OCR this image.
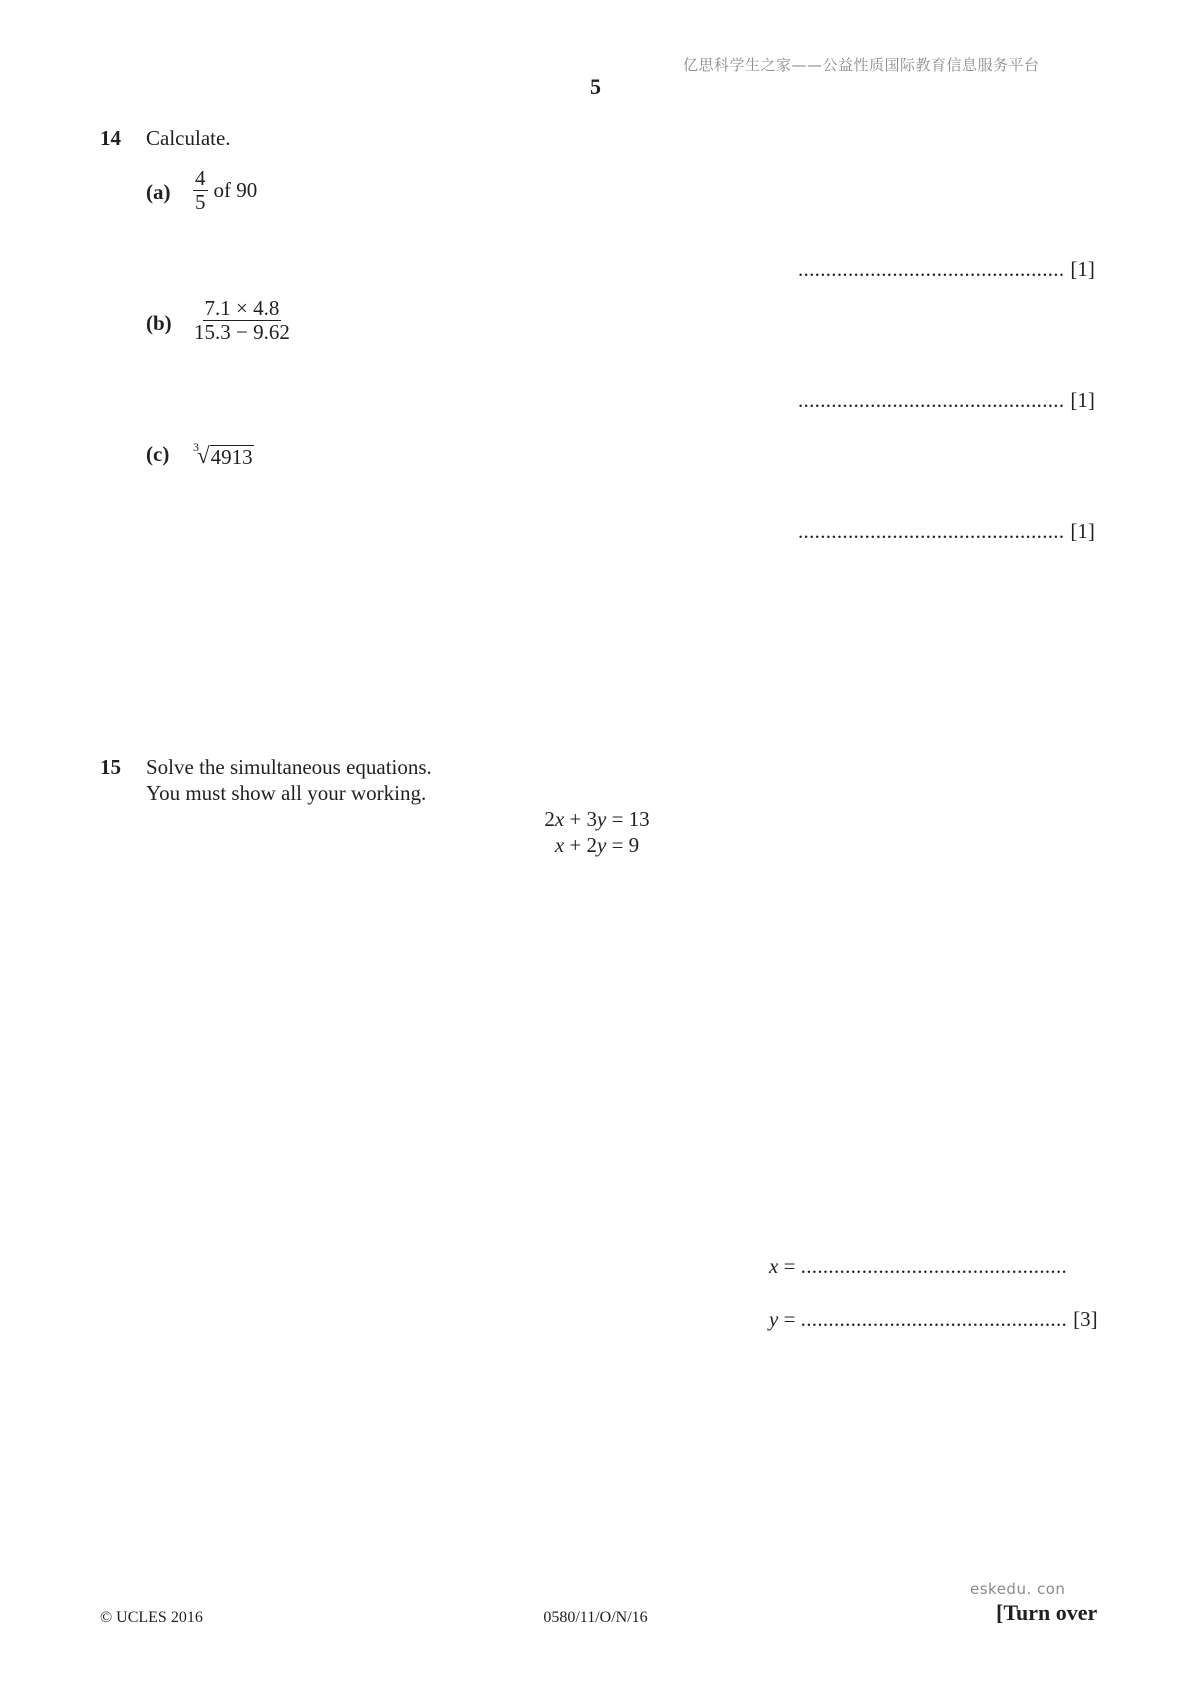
亿思科学生之家——公益性质国际教育信息服务平台
5
14 Calculate.
$(a) \frac{4}{5}$ of 90
................................................ [1]
$(b) \frac{7.1 \times 4.8}{15.3 - 9.62}$
................................................ [1]
(c) 3
√ 4913
................................................ [1]
15 Solve the simultaneous equations.
You must show all your working.
2x + 3y = 13
x + 2y = 9
x = ................................................
y = ................................................ [3]
© UCLES 2016	0580/11/O/N/16
eskedu. con
[Turn over
